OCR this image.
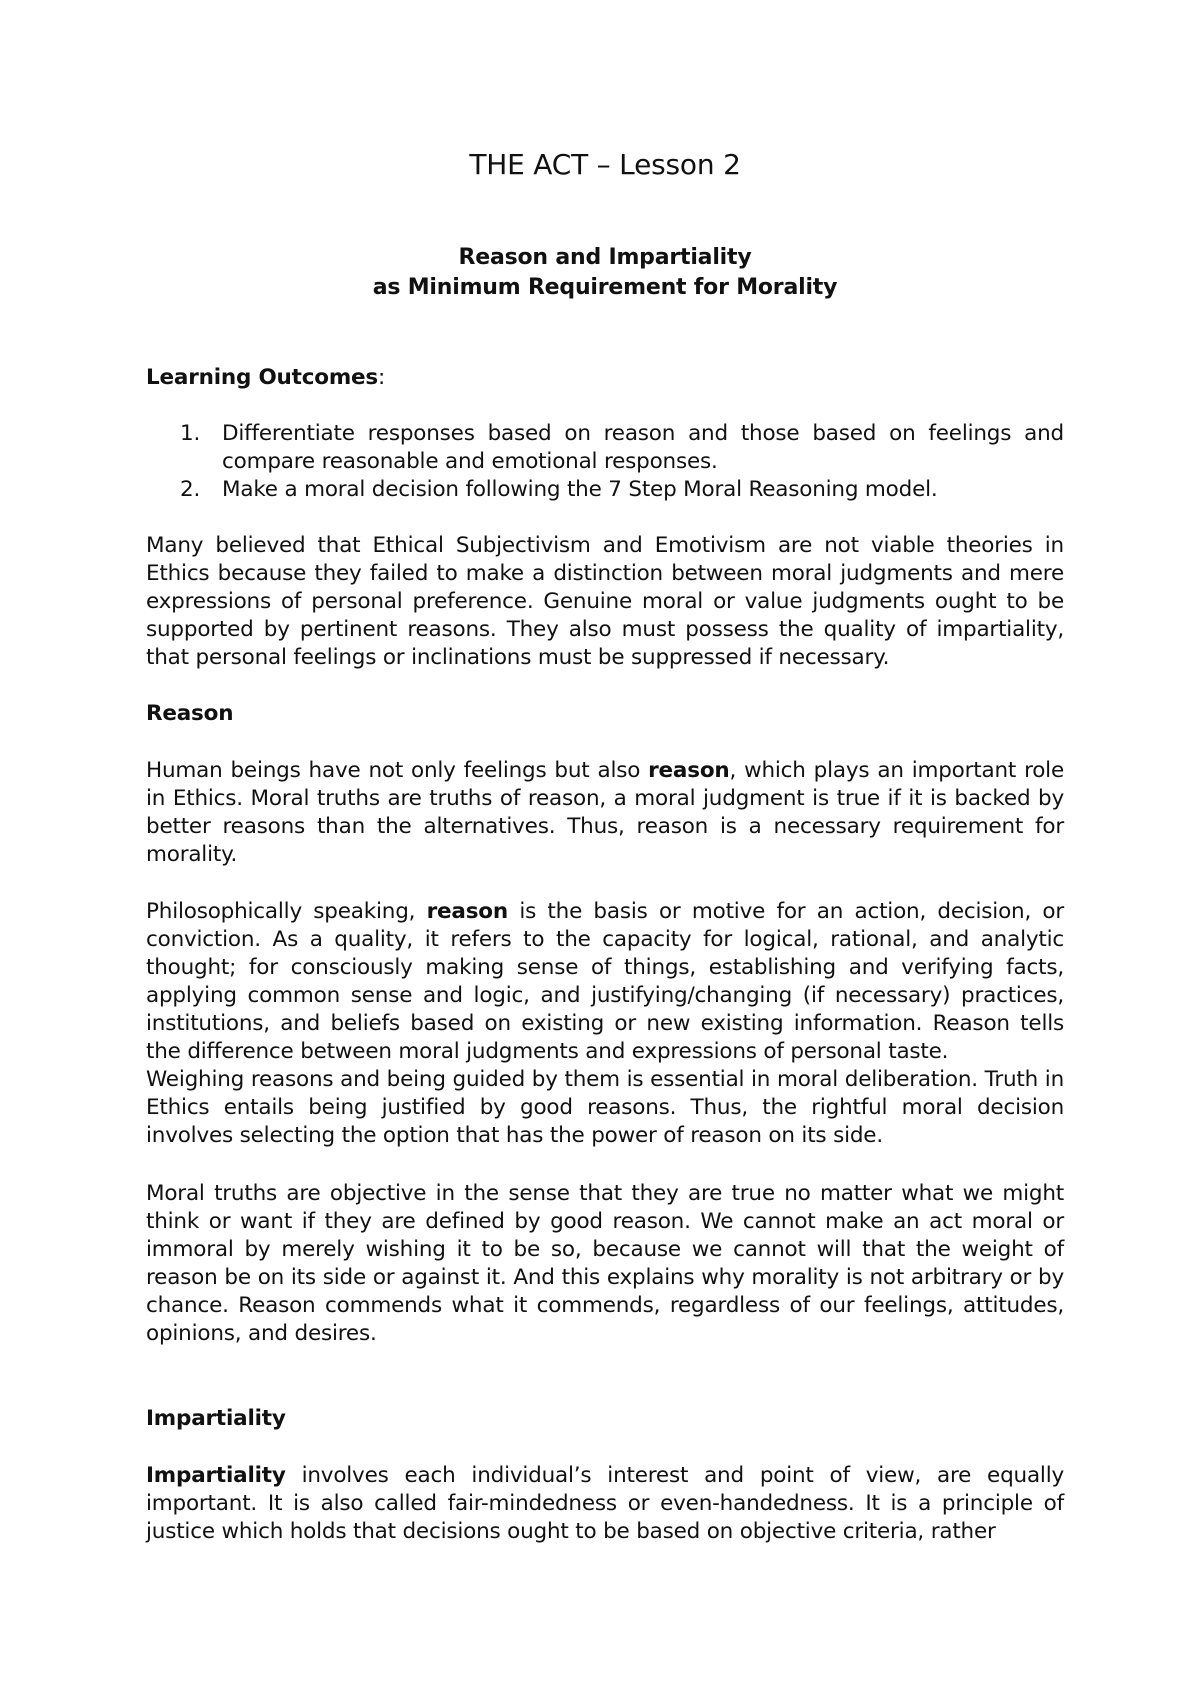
THE ACT – Lesson 2
Reason and Impartiality
as Minimum Requirement for Morality

Learning Outcomes:

1. Differentiate responses based on reason and those based on feelings and compare reasonable and emotional responses.
2. Make a moral decision following the 7 Step Moral Reasoning model.

Many believed that Ethical Subjectivism and Emotivism are not viable theories in Ethics because they failed to make a distinction between moral judgments and mere expressions of personal preference. Genuine moral or value judgments ought to be supported by pertinent reasons. They also must possess the quality of impartiality, that personal feelings or inclinations must be suppressed if necessary.

Reason

Human beings have not only feelings but also reason, which plays an important role in Ethics. Moral truths are truths of reason, a moral judgment is true if it is backed by better reasons than the alternatives. Thus, reason is a necessary requirement for morality.

Philosophically speaking, reason is the basis or motive for an action, decision, or conviction. As a quality, it refers to the capacity for logical, rational, and analytic thought; for consciously making sense of things, establishing and verifying facts, applying common sense and logic, and justifying/changing (if necessary) practices, institutions, and beliefs based on existing or new existing information. Reason tells the difference between moral judgments and expressions of personal taste.
Weighing reasons and being guided by them is essential in moral deliberation. Truth in Ethics entails being justified by good reasons. Thus, the rightful moral decision involves selecting the option that has the power of reason on its side.

Moral truths are objective in the sense that they are true no matter what we might think or want if they are defined by good reason. We cannot make an act moral or immoral by merely wishing it to be so, because we cannot will that the weight of reason be on its side or against it. And this explains why morality is not arbitrary or by chance. Reason commends what it commends, regardless of our feelings, attitudes, opinions, and desires.

Impartiality

Impartiality involves each individual’s interest and point of view, are equally important. It is also called fair-mindedness or even-handedness. It is a principle of justice which holds that decisions ought to be based on objective criteria, rather
